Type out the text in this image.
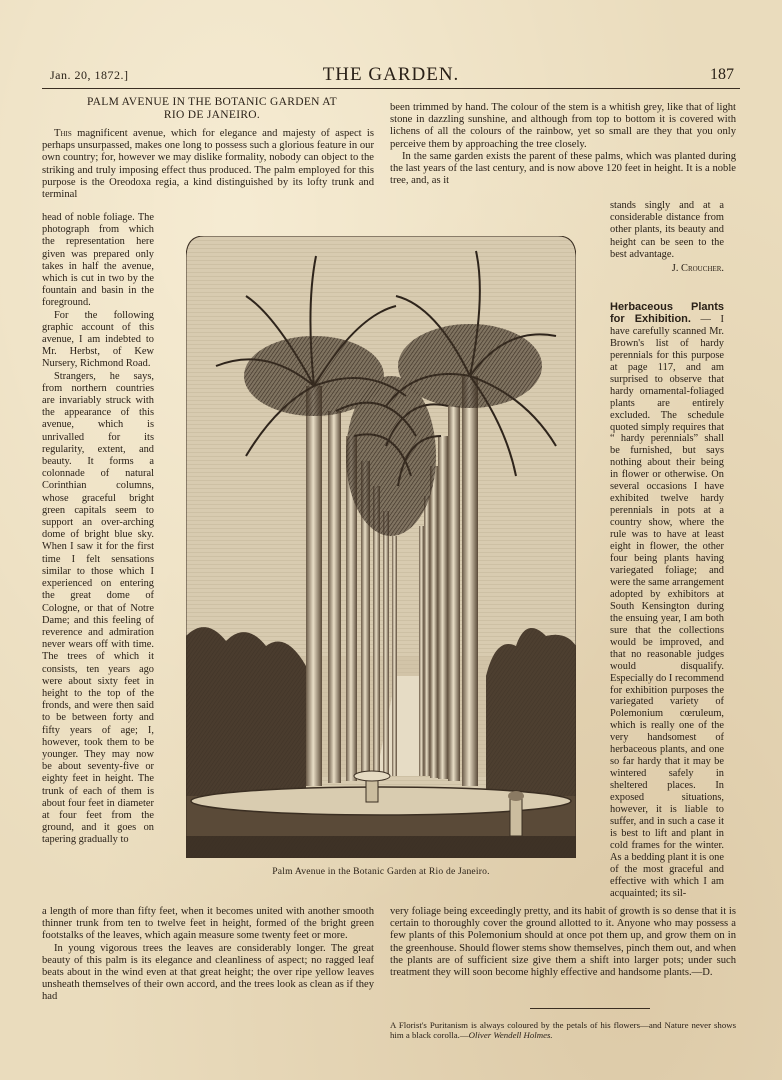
Jan. 20, 1872.]	THE GARDEN.	187
PALM AVENUE IN THE BOTANIC GARDEN AT
RIO DE JANEIRO.

This magnificent avenue, which for elegance and majesty of aspect is perhaps unsurpassed, makes one long to possess such a glorious feature in our own country; for, however we may dislike formality, nobody can object to the striking and truly imposing effect thus produced. The palm employed for this purpose is the Oreodoxa regia, a kind distinguished by its lofty trunk and terminal

head of noble foliage. The photograph from which the representation here given was prepared only takes in half the avenue, which is cut in two by the fountain and basin in the foreground.

For the following graphic account of this avenue, I am indebted to Mr. Herbst, of Kew Nursery, Richmond Road.

Strangers, he says, from northern countries are invariably struck with the appearance of this avenue, which is unrivalled for its regularity, extent, and beauty. It forms a colonnade of natural Corinthian columns, whose graceful bright green capitals seem to support an over-arching dome of bright blue sky. When I saw it for the first time I felt sensations similar to those which I experienced on entering the great dome of Cologne, or that of Notre Dame; and this feeling of reverence and admiration never wears off with time. The trees of which it consists, ten years ago were about sixty feet in height to the top of the fronds, and were then said to be between forty and fifty years of age; I, however, took them to be younger. They may now be about seventy-five or eighty feet in height. The trunk of each of them is about four feet in diameter at four feet from the ground, and it goes on tapering gradually to

a length of more than fifty feet, when it becomes united with another smooth thinner trunk from ten to twelve feet in height, formed of the bright green footstalks of the leaves, which again measure some twenty feet or more.

In young vigorous trees the leaves are considerably longer. The great beauty of this palm is its elegance and cleanliness of aspect; no ragged leaf beats about in the wind even at that great height; the over ripe yellow leaves unsheath themselves of their own accord, and the trees look as clean as if they had

been trimmed by hand. The colour of the stem is a whitish grey, like that of light stone in dazzling sunshine, and although from top to bottom it is covered with lichens of all the colours of the rainbow, yet so small are they that you only perceive them by approaching the tree closely.

In the same garden exists the parent of these palms, which was planted during the last years of the last century, and is now above 120 feet in height. It is a noble tree, and, as it

stands singly and at a considerable distance from other plants, its beauty and height can be seen to the best advantage.

J. Croucher.

Herbaceous Plants for Exhibition. — I have carefully scanned Mr. Brown's list of hardy perennials for this purpose at page 117, and am surprised to observe that hardy ornamental-foliaged plants are entirely excluded. The schedule quoted simply requires that “ hardy perennials” shall be furnished, but says nothing about their being in flower or otherwise. On several occasions I have exhibited twelve hardy perennials in pots at a country show, where the rule was to have at least eight in flower, the other four being plants having variegated foliage; and were the same arrangement adopted by exhibitors at South Kensington during the ensuing year, I am both sure that the collections would be improved, and that no reasonable judges would disqualify. Especially do I recommend for exhibition purposes the variegated variety of Polemonium cœruleum, which is really one of the very handsomest of herbaceous plants, and one so far hardy that it may be wintered safely in sheltered places. In exposed situations, however, it is liable to suffer, and in such a case it is best to lift and plant in cold frames for the winter. As a bedding plant it is one of the most graceful and effective with which I am acquainted; its sil-

very foliage being exceedingly pretty, and its habit of growth is so dense that it is certain to thoroughly cover the ground allotted to it. Anyone who may possess a few plants of this Polemonium should at once pot them up, and grow them on in the greenhouse. Should flower stems show themselves, pinch them out, and when the plants are of sufficient size give them a shift into larger pots; under such treatment they will soon become highly effective and handsome plants.—D.

A Florist's Puritanism is always coloured by the petals of his flowers—and Nature never shows him a black corolla.—Oliver Wendell Holmes.
Palm Avenue in the Botanic Garden at Rio de Janeiro.
